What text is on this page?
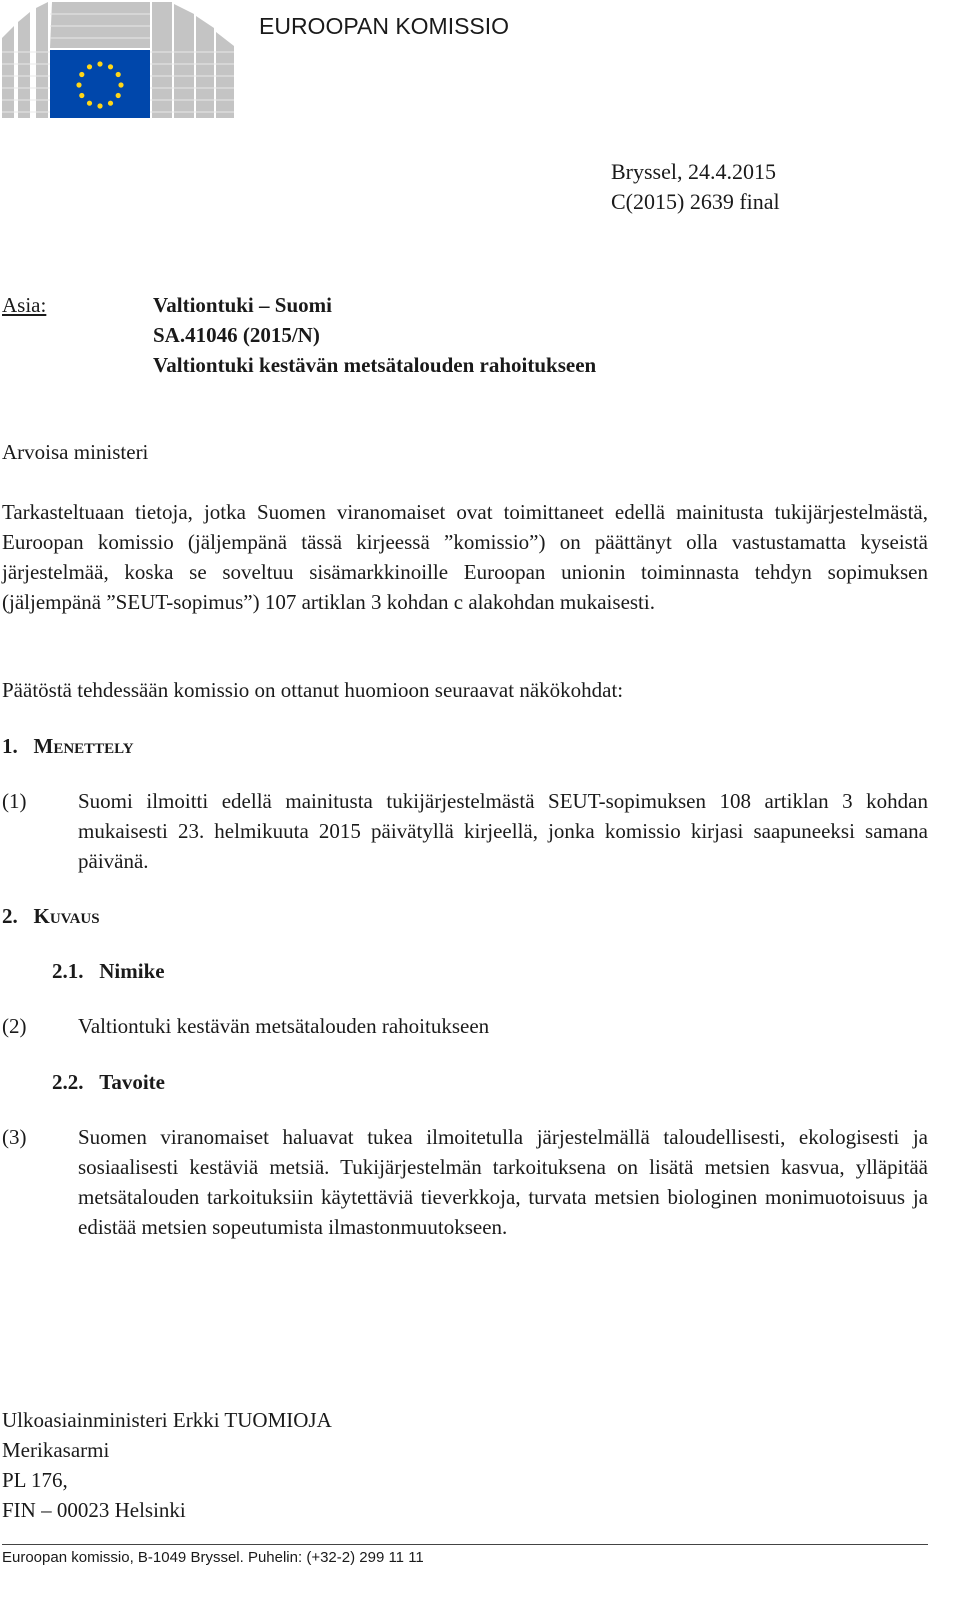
EUROOPAN KOMISSIO
Bryssel, 24.4.2015
C(2015) 2639 final
Asia:	Valtiontuki – Suomi
SA.41046 (2015/N)
Valtiontuki kestävän metsätalouden rahoitukseen
Arvoisa ministeri

Tarkasteltuaan tietoja, jotka Suomen viranomaiset ovat toimittaneet edellä mainitusta tukijärjestelmästä, Euroopan komissio (jäljempänä tässä kirjeessä ”komissio”) on päättänyt olla vastustamatta kyseistä järjestelmää, koska se soveltuu sisämarkkinoille Euroopan unionin toiminnasta tehdyn sopimuksen (jäljempänä ”SEUT-sopimus”) 107 artiklan 3 kohdan c alakohdan mukaisesti.

Päätöstä tehdessään komissio on ottanut huomioon seuraavat näkökohdat:
1. Menettely
(1)	Suomi ilmoitti edellä mainitusta tukijärjestelmästä SEUT-sopimuksen 108 artiklan 3 kohdan mukaisesti 23. helmikuuta 2015 päivätyllä kirjeellä, jonka komissio kirjasi saapuneeksi samana päivänä.
2. Kuvaus
2.1. Nimike
(2)	Valtiontuki kestävän metsätalouden rahoitukseen
2.2. Tavoite
(3)	Suomen viranomaiset haluavat tukea ilmoitetulla järjestelmällä taloudellisesti, ekologisesti ja sosiaalisesti kestäviä metsiä. Tukijärjestelmän tarkoituksena on lisätä metsien kasvua, ylläpitää metsätalouden tarkoituksiin käytettäviä tieverkkoja, turvata metsien biologinen monimuotoisuus ja edistää metsien sopeutumista ilmastonmuutokseen.
Ulkoasiainministeri Erkki TUOMIOJA
Merikasarmi
PL 176,
FIN – 00023 Helsinki
Euroopan komissio, B-1049 Bryssel. Puhelin: (+32-2) 299 11 11
